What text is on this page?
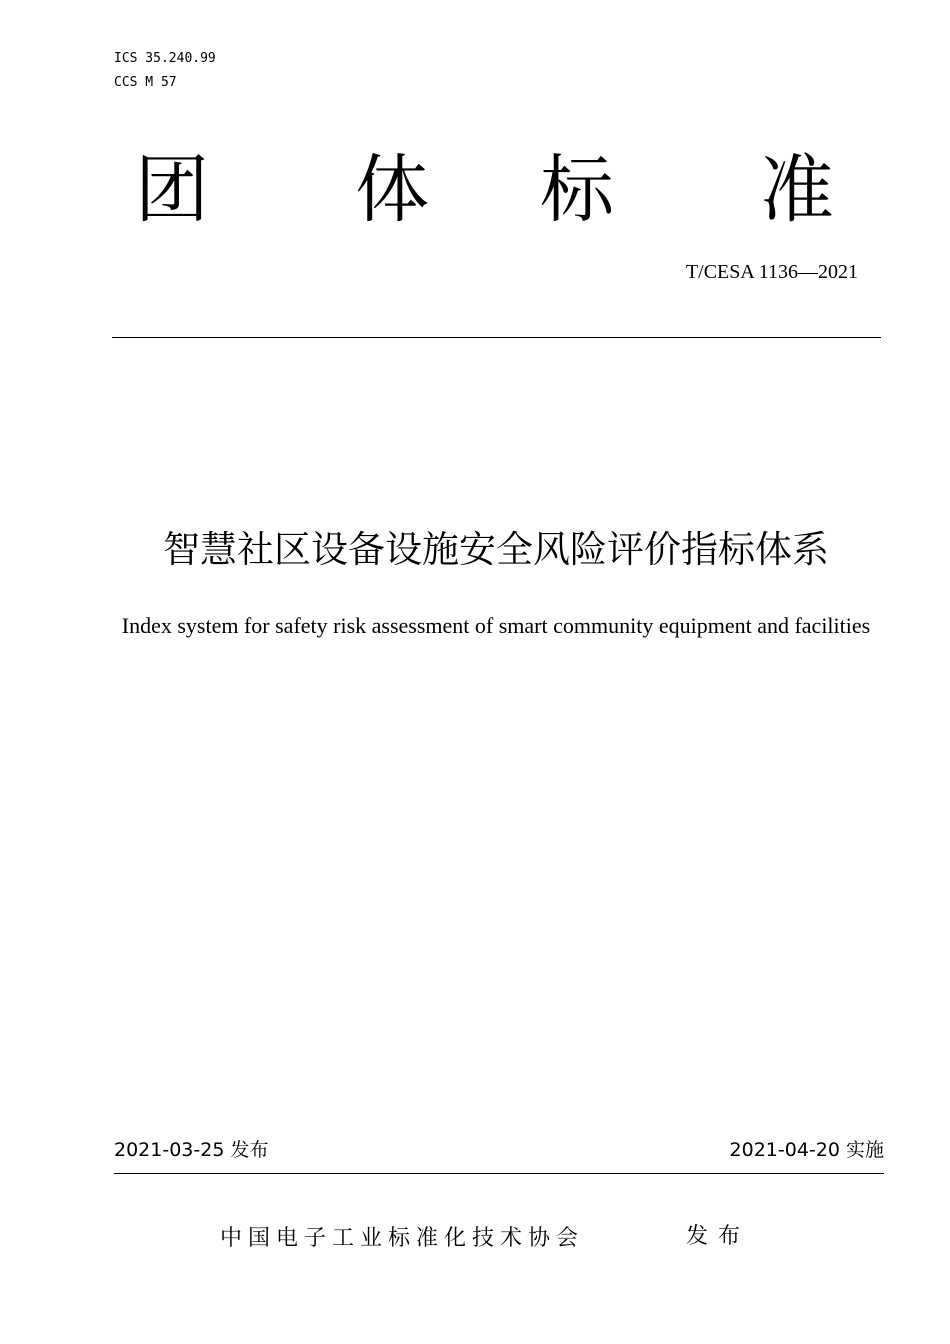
ICS 35.240.99
CCS M 57
团 体 标 准
T/CESA 1136—2021
智慧社区设备设施安全风险评价指标体系
Index system for safety risk assessment of smart community equipment and facilities
2021-03-25 发布	2021-04-20 实施
中国电子工业标准化技术协会	发布
